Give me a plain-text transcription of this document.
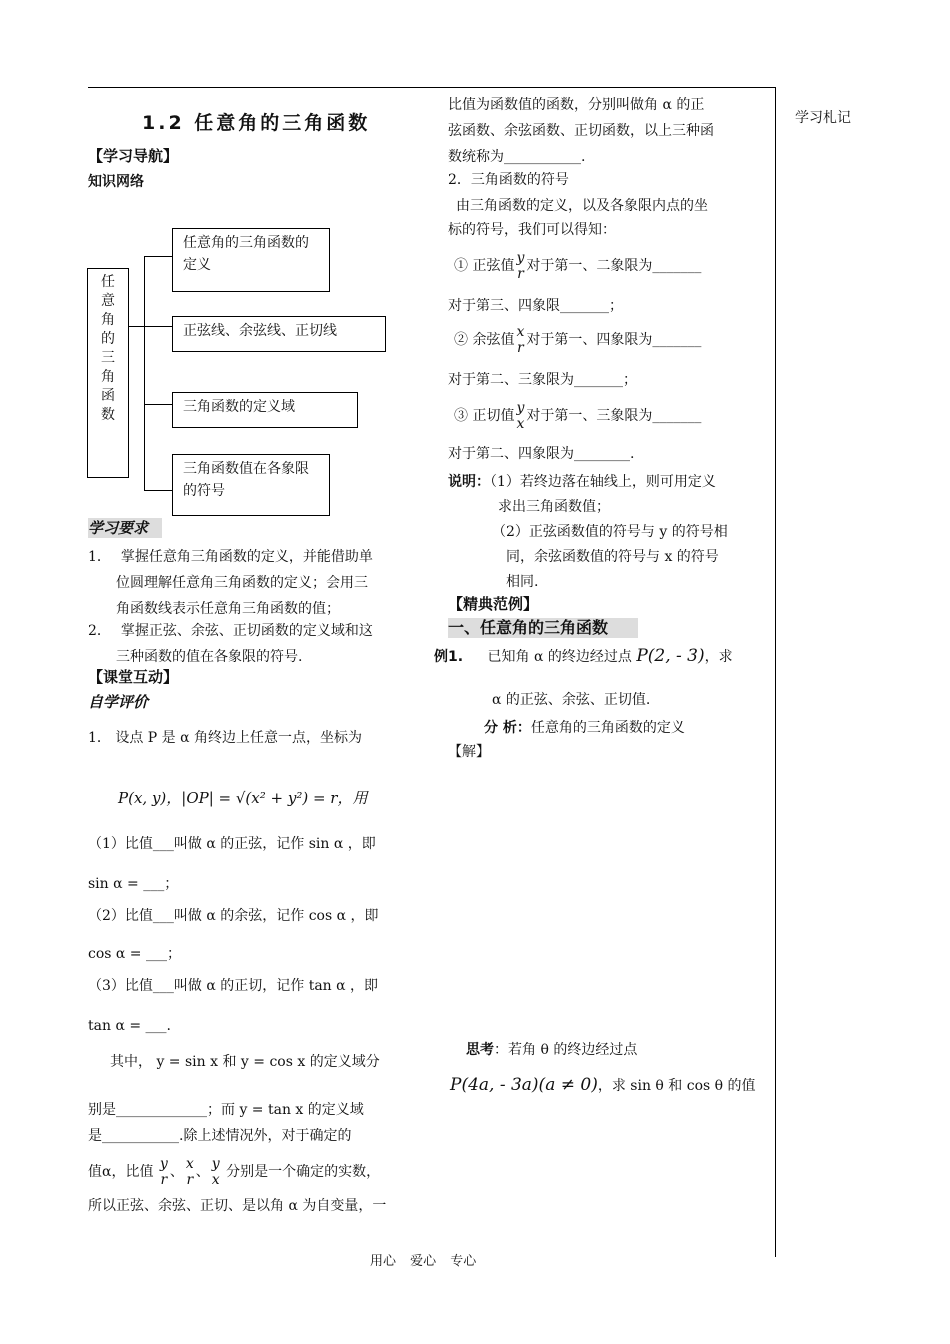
1.2 任意角的三角函数	学习札记
【学习导航】
知识网络
任
意
角
的
三
角
函
数
任意角的三角函数的定义
正弦线、余弦线、正切线
三角函数的定义域
三角函数值在各象限的符号
学习要求
1． 掌握任意角三角函数的定义，并能借助单
位圆理解任意角三角函数的定义；会用三
角函数线表示任意角三角函数的值；
2． 掌握正弦、余弦、正切函数的定义域和这
三种函数的值在各象限的符号.
【课堂互动】
自学评价
1． 设点 P 是 α 角终边上任意一点，坐标为
P(x, y)，|OP| = √(x² + y²) = r，用
（1）比值___叫做 α 的正弦，记作 sin α ，即
sin α = ___；
（2）比值___叫做 α 的余弦，记作 cos α ，即
cos α = ___；
（3）比值___叫做 α 的正切，记作 tan α ，即
tan α = ___.
其中， y = sin x 和 y = cos x 的定义域分
别是_____________；而 y = tan x 的定义域
是___________.除上述情况外，对于确定的
值α，比值 y
r 、 x
r 、 y
x 分别是一个确定的实数，
所以正弦、余弦、正切、是以角 α 为自变量，一
比值为函数值的函数，分别叫做角 α 的正
弦函数、余弦函数、正切函数，以上三种函
数统称为___________.
2．三角函数的符号
由三角函数的定义，以及各象限内点的坐
标的符号，我们可以得知：
① 正弦值 y
r 对于第一、二象限为_______
对于第三、四象限_______；
② 余弦值 x
r 对于第一、四象限为_______
对于第二、三象限为_______；
③ 正切值 y
x 对于第一、三象限为_______
对于第二、四象限为________.
说明：（1）若终边落在轴线上，则可用定义
求出三角函数值；
（2）正弦函数值的符号与 y 的符号相
同，余弦函数值的符号与 x 的符号
相同.
【精典范例】
一、任意角的三角函数
例1. 已知角 α 的终边经过点 P(2, - 3)，求
α 的正弦、余弦、正切值.
分 析：任意角的三角函数的定义
【解】
思考：若角 θ 的终边经过点
P(4a, - 3a)(a ≠ 0)，求 sin θ 和 cos θ 的值
用心 爱心 专心
